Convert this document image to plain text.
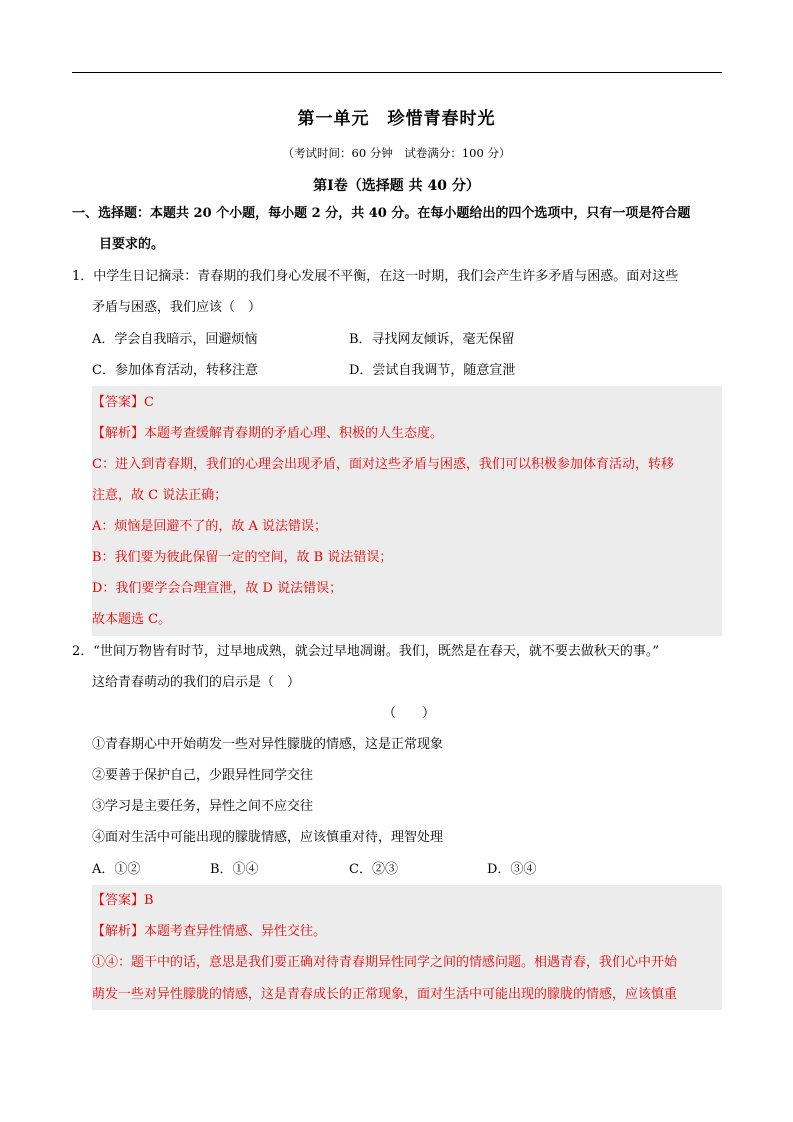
第一单元　珍惜青春时光
（考试时间：60 分钟　试卷满分：100 分）
第Ⅰ卷（选择题 共 40 分）
一、选择题：本题共 20 个小题，每小题 2 分，共 40 分。在每小题给出的四个选项中，只有一项是符合题
目要求的。
1．中学生日记摘录：青春期的我们身心发展不平衡，在这一时期，我们会产生许多矛盾与困惑。面对这些
矛盾与困惑，我们应该（　）
A．学会自我暗示，回避烦恼	B．寻找网友倾诉，毫无保留
C．参加体育活动，转移注意	D．尝试自我调节，随意宣泄
【答案】C
【解析】本题考查缓解青春期的矛盾心理、积极的人生态度。
C：进入到青春期，我们的心理会出现矛盾，面对这些矛盾与困惑，我们可以积极参加体育活动，转移
注意，故 C 说法正确；
A：烦恼是回避不了的，故 A 说法错误；
B：我们要为彼此保留一定的空间，故 B 说法错误；
D：我们要学会合理宣泄，故 D 说法错误；
故本题选 C。
2．“世间万物皆有时节，过早地成熟，就会过早地凋谢。我们，既然是在春天，就不要去做秋天的事。”
这给青春萌动的我们的启示是（　）
（　　）
①青春期心中开始萌发一些对异性朦胧的情感，这是正常现象
②要善于保护自己，少跟异性同学交往
③学习是主要任务，异性之间不应交往
④面对生活中可能出现的朦胧情感，应该慎重对待，理智处理
A．①②	B．①④	C．②③	D．③④
【答案】B
【解析】本题考查异性情感、异性交往。
①④：题干中的话，意思是我们要正确对待青春期异性同学之间的情感问题。相遇青春，我们心中开始
萌发一些对异性朦胧的情感，这是青春成长的正常现象，面对生活中可能出现的朦胧的情感，应该慎重
